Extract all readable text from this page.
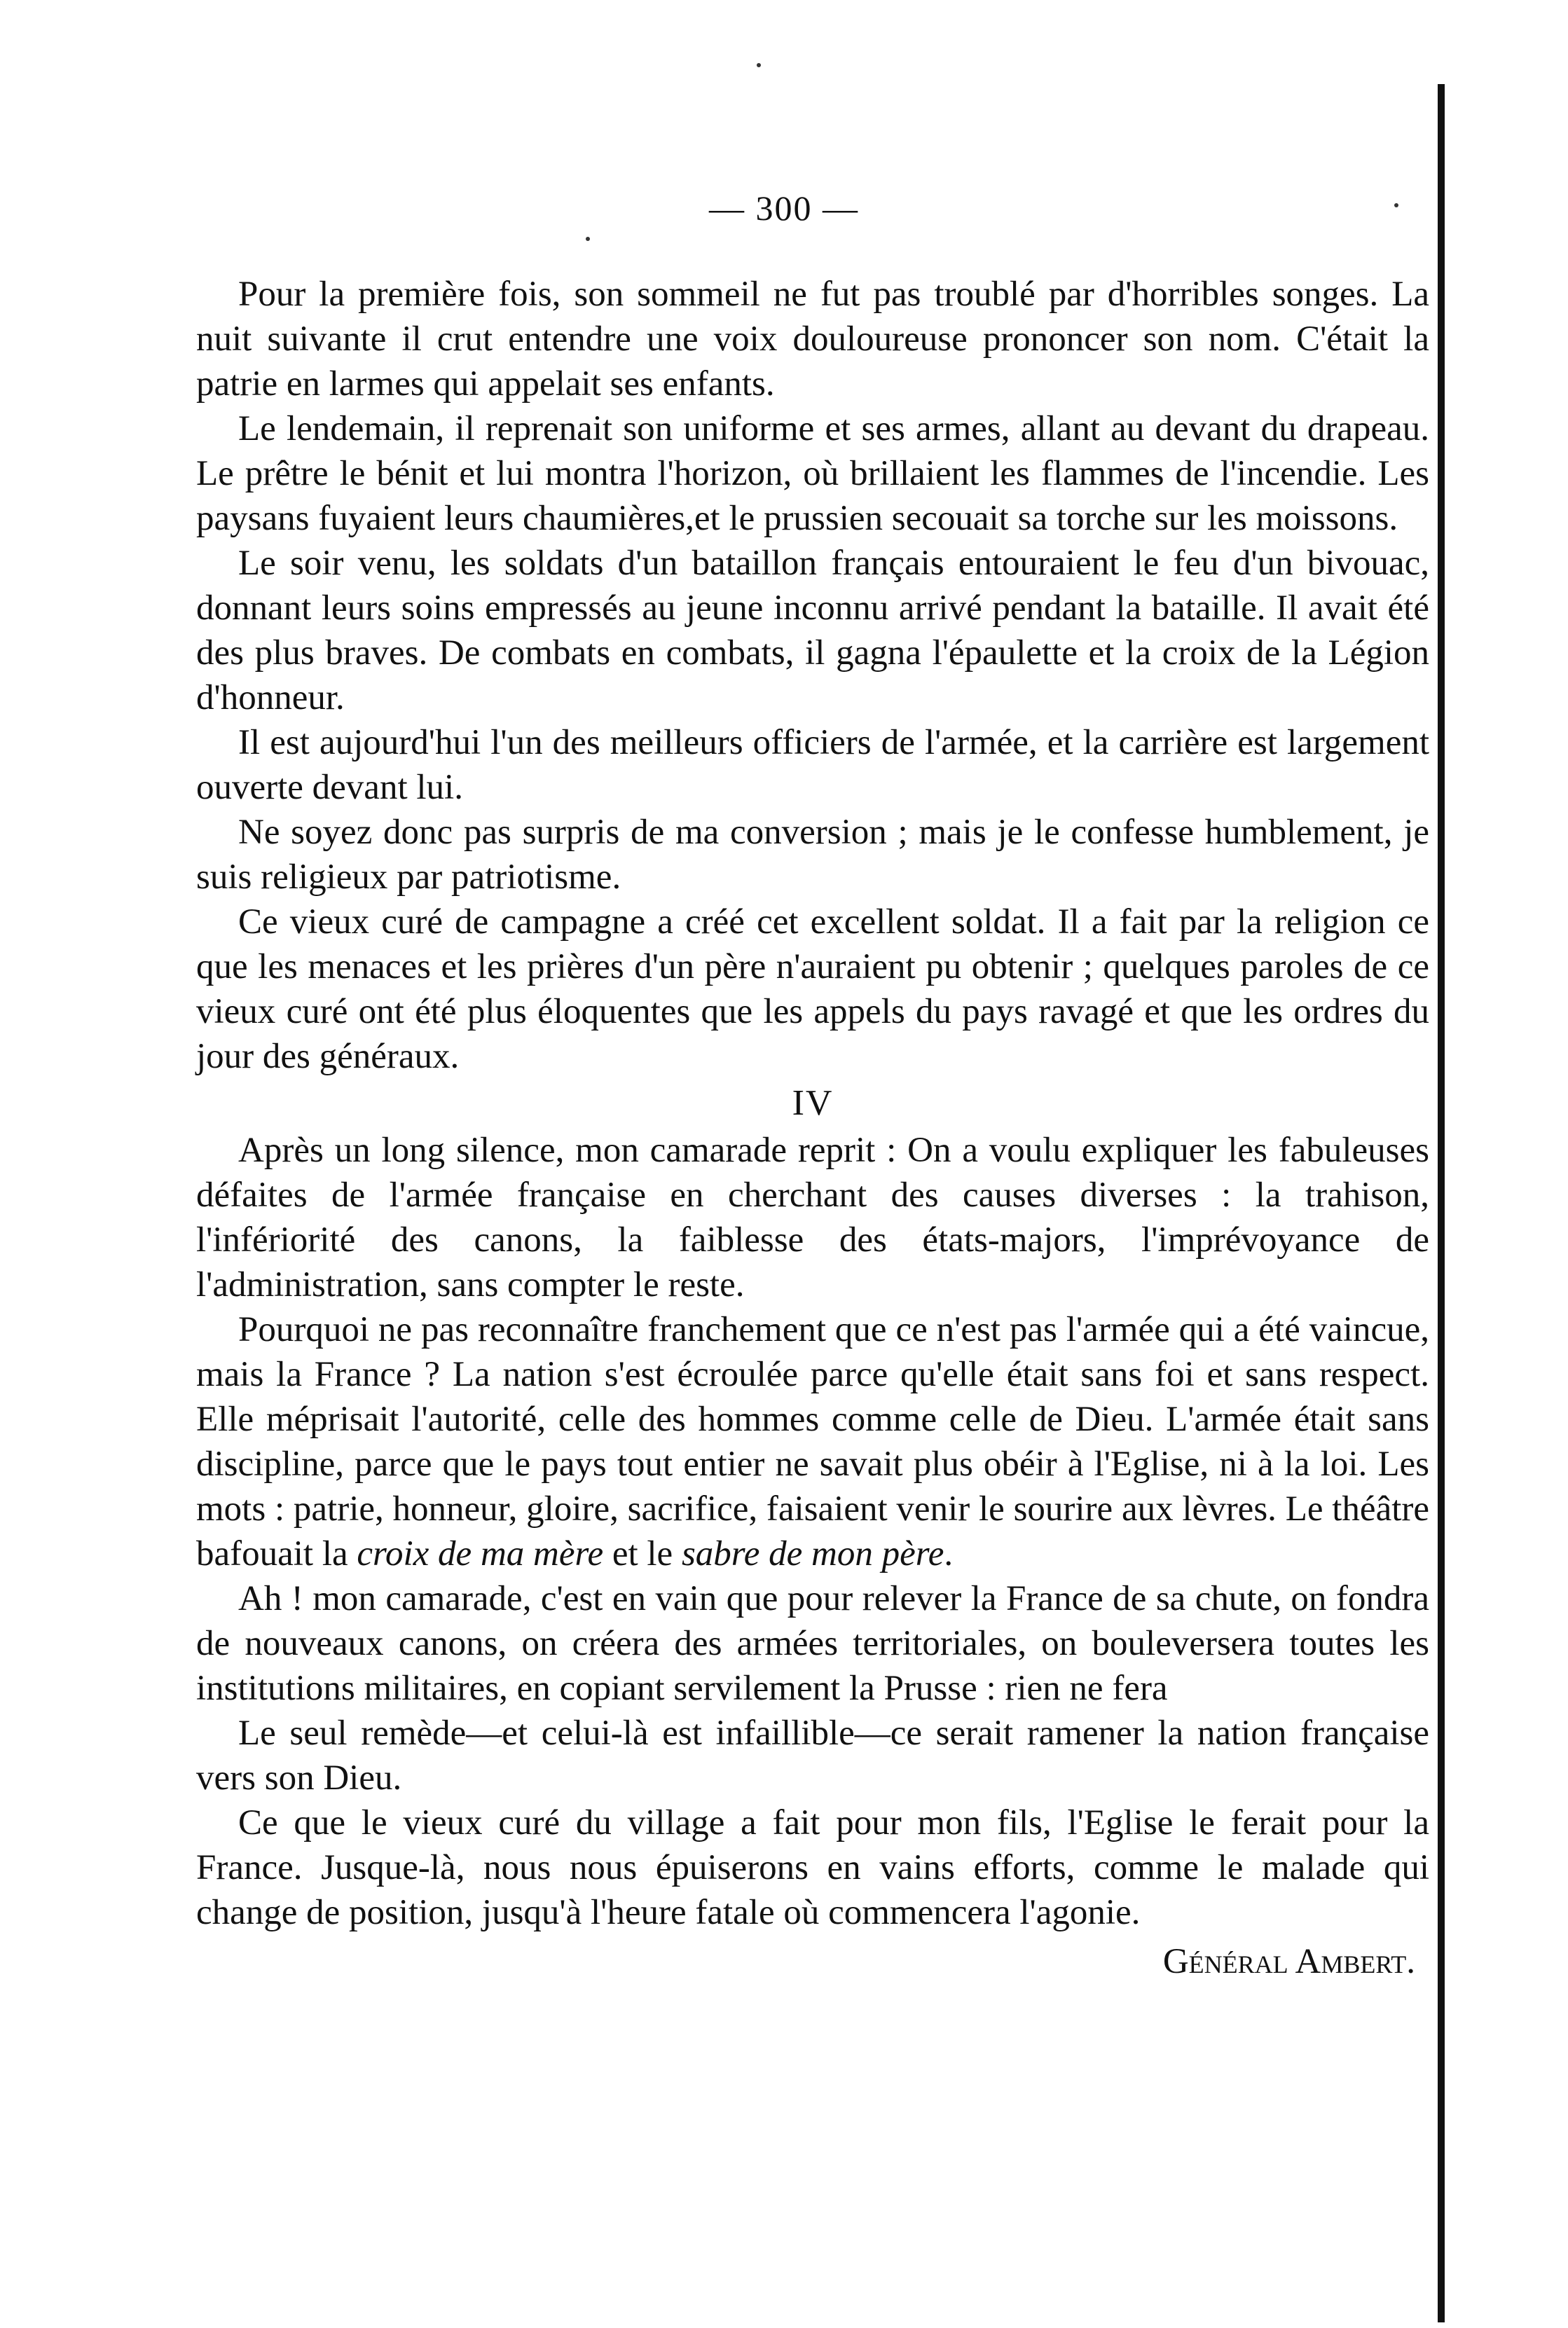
— 300 —

Pour la première fois, son sommeil ne fut pas troublé par d'horribles songes. La nuit suivante il crut entendre une voix douloureuse prononcer son nom. C'était la patrie en larmes qui appelait ses enfants.

Le lendemain, il reprenait son uniforme et ses armes, allant au devant du drapeau. Le prêtre le bénit et lui montra l'horizon, où brillaient les flammes de l'incendie. Les paysans fuyaient leurs chaumières,et le prussien secouait sa torche sur les moissons.

Le soir venu, les soldats d'un bataillon français entouraient le feu d'un bivouac, donnant leurs soins empressés au jeune inconnu arrivé pendant la bataille. Il avait été des plus braves. De combats en combats, il gagna l'épaulette et la croix de la Légion d'honneur.

Il est aujourd'hui l'un des meilleurs officiers de l'armée, et la carrière est largement ouverte devant lui.

Ne soyez donc pas surpris de ma conversion ; mais je le confesse humblement, je suis religieux par patriotisme.

Ce vieux curé de campagne a créé cet excellent soldat. Il a fait par la religion ce que les menaces et les prières d'un père n'auraient pu obtenir ; quelques paroles de ce vieux curé ont été plus éloquentes que les appels du pays ravagé et que les ordres du jour des généraux.

IV

Après un long silence, mon camarade reprit : On a voulu expliquer les fabuleuses défaites de l'armée française en cherchant des causes diverses : la trahison, l'infériorité des canons, la faiblesse des états-majors, l'imprévoyance de l'administration, sans compter le reste.

Pourquoi ne pas reconnaître franchement que ce n'est pas l'armée qui a été vaincue, mais la France ? La nation s'est écroulée parce qu'elle était sans foi et sans respect. Elle méprisait l'autorité, celle des hommes comme celle de Dieu. L'armée était sans discipline, parce que le pays tout entier ne savait plus obéir à l'Eglise, ni à la loi. Les mots : patrie, honneur, gloire, sacrifice, faisaient venir le sourire aux lèvres. Le théâtre bafouait la croix de ma mère et le sabre de mon père.

Ah ! mon camarade, c'est en vain que pour relever la France de sa chute, on fondra de nouveaux canons, on créera des armées territoriales, on bouleversera toutes les institutions militaires, en copiant servilement la Prusse : rien ne fera

Le seul remède—et celui-là est infaillible—ce serait ramener la nation française vers son Dieu.

Ce que le vieux curé du village a fait pour mon fils, l'Eglise le ferait pour la France. Jusque-là, nous nous épuiserons en vains efforts, comme le malade qui change de position, jusqu'à l'heure fatale où commencera l'agonie.

Général Ambert.
